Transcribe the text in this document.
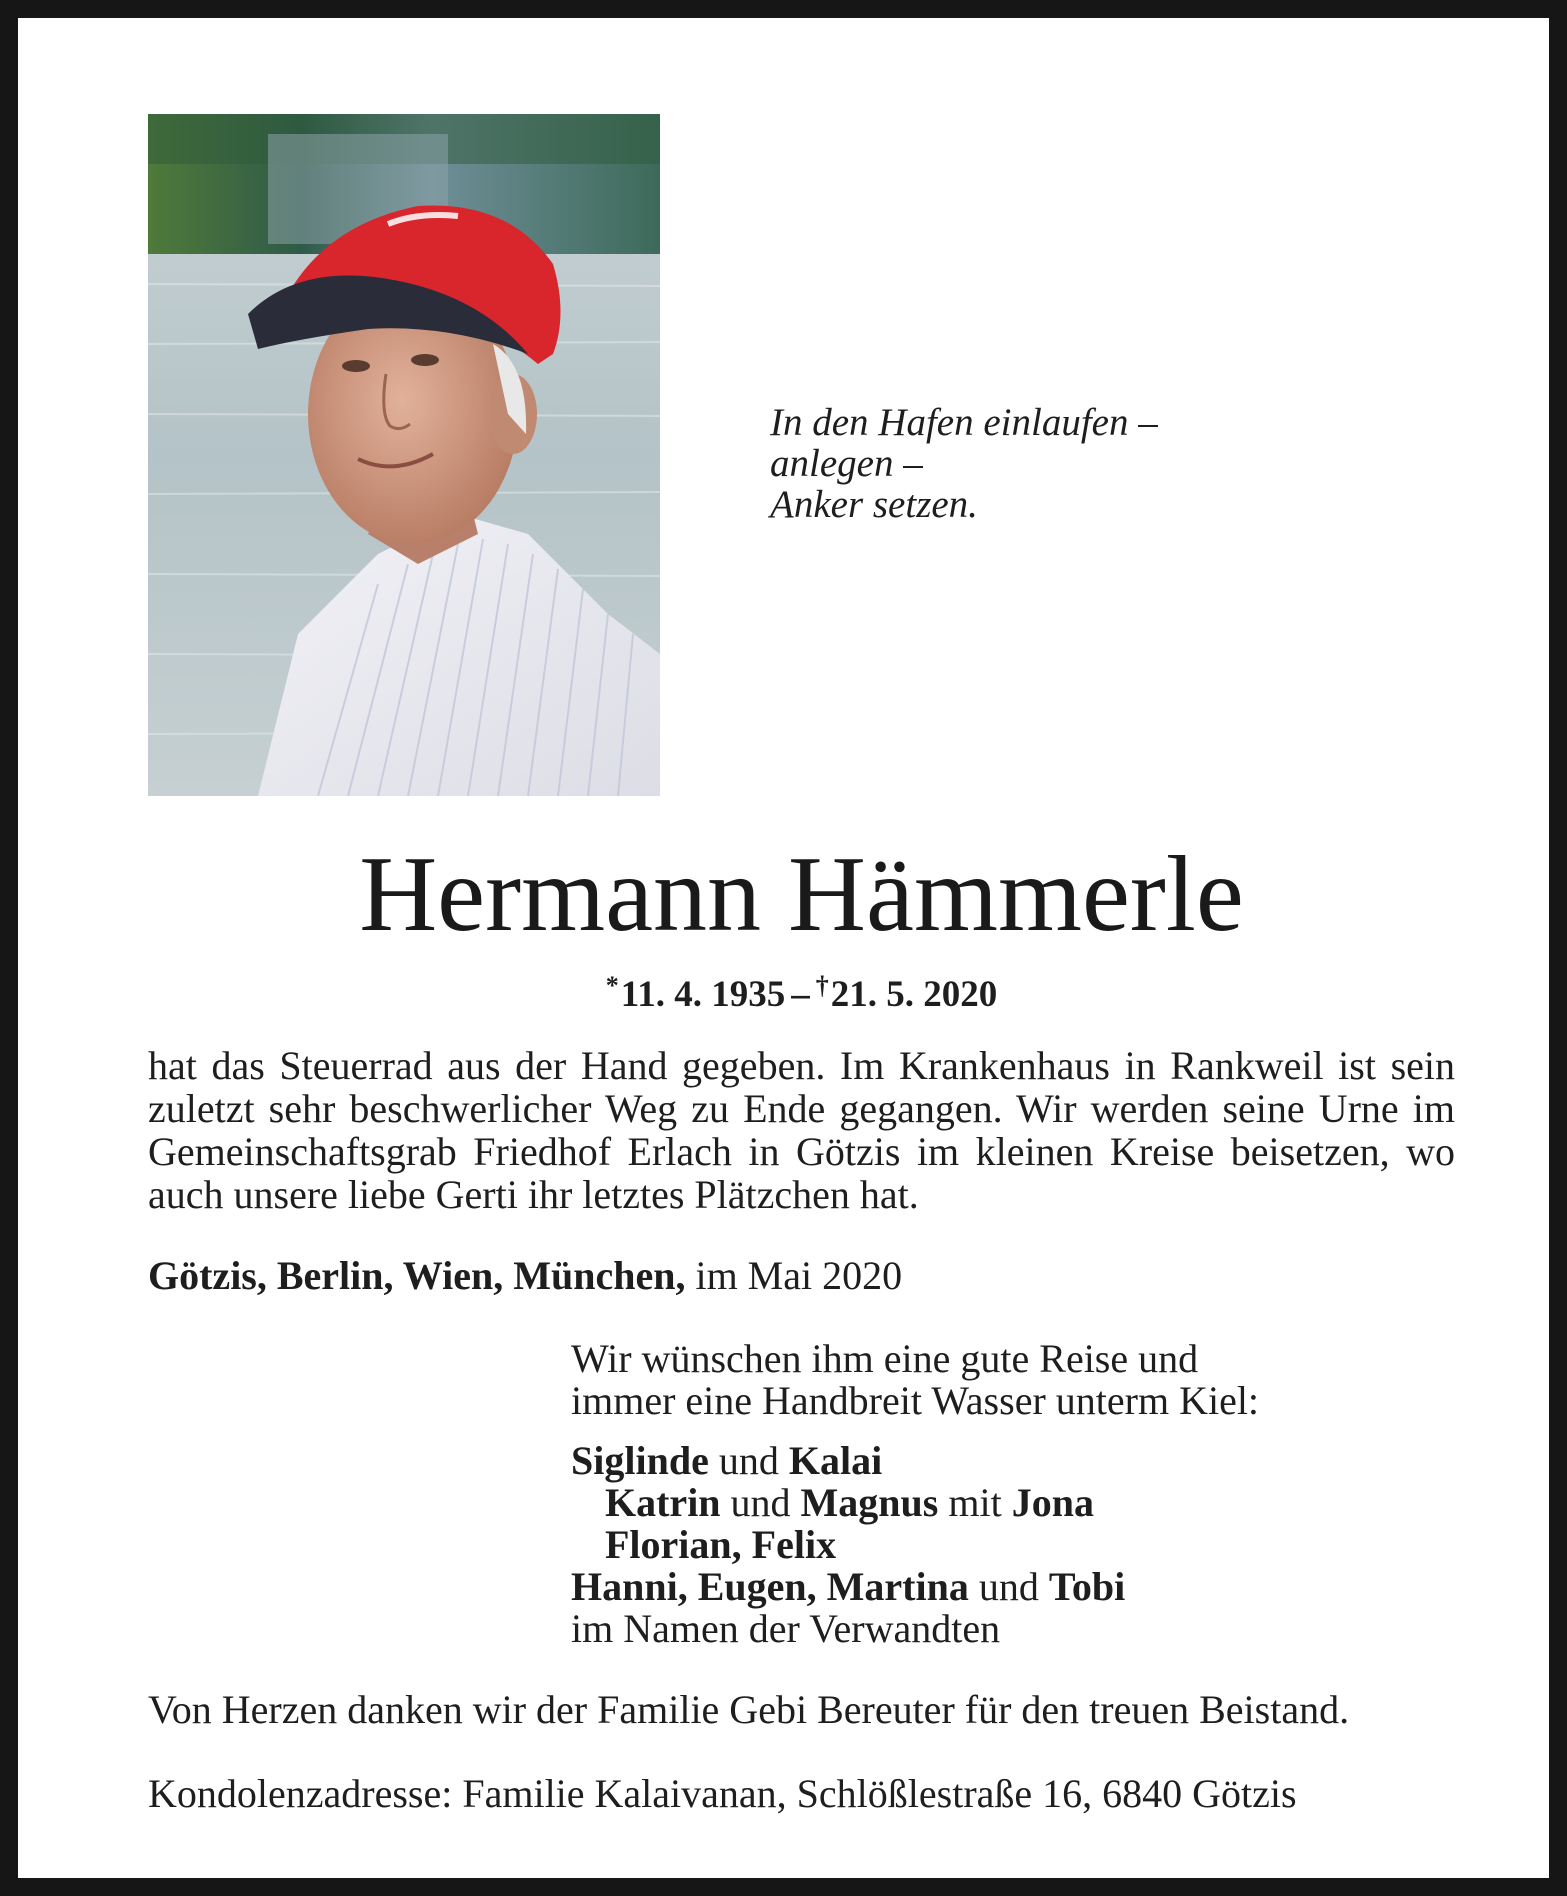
In den Hafen einlaufen –
anlegen –
Anker setzen.
Hermann Hämmerle
*11. 4. 1935 – †21. 5. 2020
hat das Steuerrad aus der Hand gegeben. Im Krankenhaus in Rankweil ist sein zuletzt sehr beschwerlicher Weg zu Ende gegangen. Wir werden seine Urne im Gemeinschaftsgrab Friedhof Erlach in Götzis im kleinen Kreise beisetzen, wo auch unsere liebe Gerti ihr letztes Plätzchen hat.
Götzis, Berlin, Wien, München, im Mai 2020
Wir wünschen ihm eine gute Reise und
immer eine Handbreit Wasser unterm Kiel:
Siglinde und Kalai
Katrin und Magnus mit Jona
Florian, Felix
Hanni, Eugen, Martina und Tobi
im Namen der Verwandten
Von Herzen danken wir der Familie Gebi Bereuter für den treuen Beistand.
Kondolenzadresse: Familie Kalaivanan, Schlößlestraße 16, 6840 Götzis
